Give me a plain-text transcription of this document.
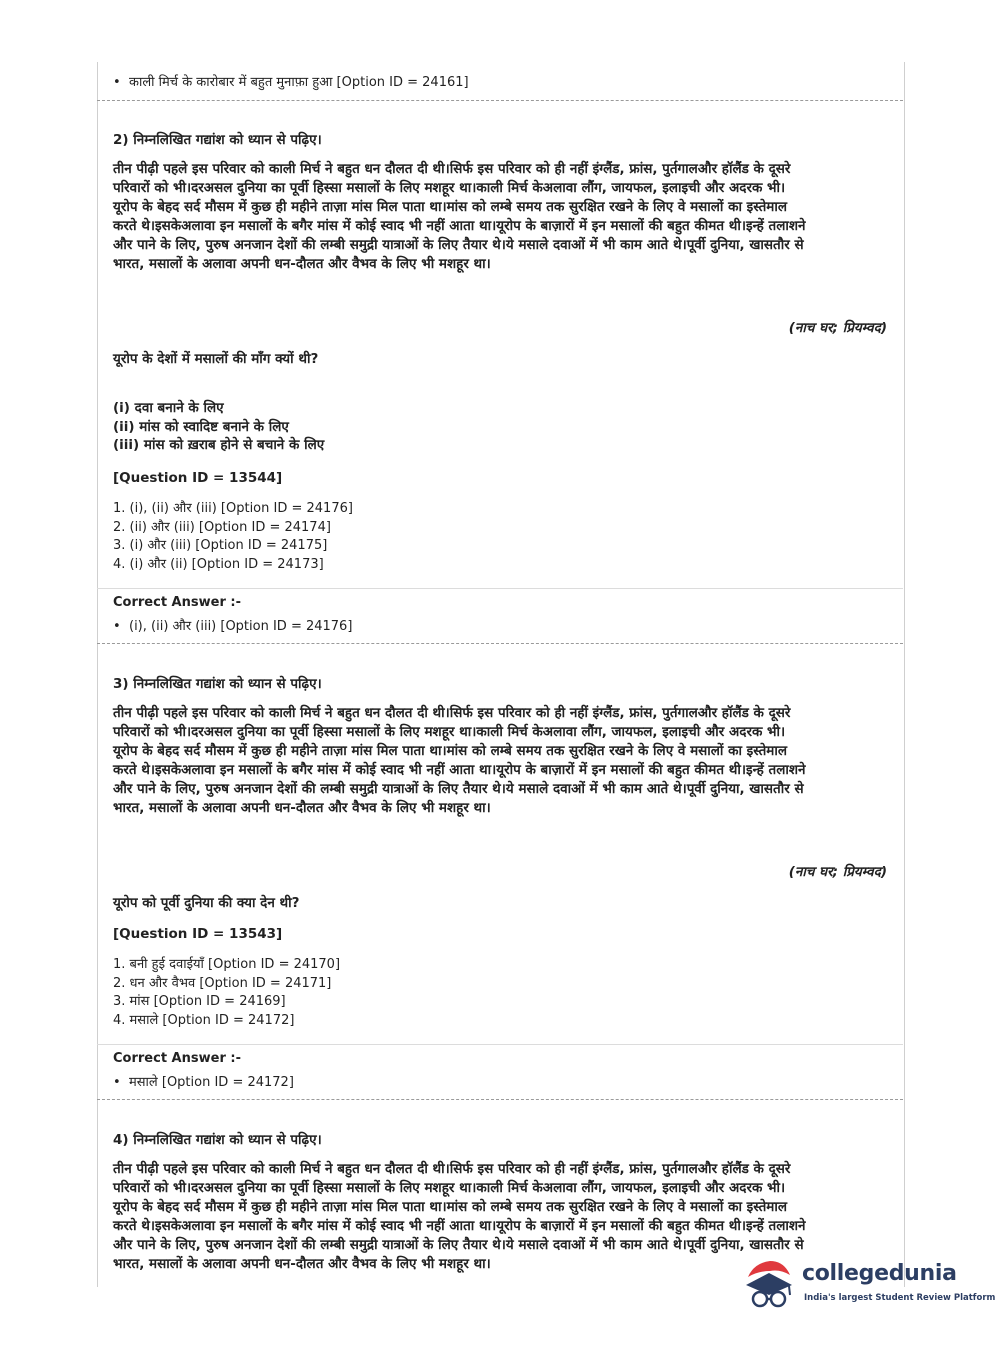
• काली मिर्च के कारोबार में बहुत मुनाफ़ा हुआ [Option ID = 24161]
2) निम्नलिखित गद्यांश को ध्यान से पढ़िए।

तीन पीढ़ी पहले इस परिवार को काली मिर्च ने बहुत धन दौलत दी थी।सिर्फ इस परिवार को ही नहीं इंग्लैंड, फ्रांस, पुर्तगालऔर हॉलैंड के दूसरे

परिवारों को भी।दरअसल दुनिया का पूर्वी हिस्सा मसालों के लिए मशहूर था।काली मिर्च केअलावा लौंग, जायफल, इलाइची और अदरक भी।

यूरोप के बेहद सर्द मौसम में कुछ ही महीने ताज़ा मांस मिल पाता था।मांस को लम्बे समय तक सुरक्षित रखने के लिए वे मसालों का इस्तेमाल

करते थे।इसकेअलावा इन मसालों के बगैर मांस में कोई स्वाद भी नहीं आता था।यूरोप के बाज़ारों में इन मसालों की बहुत कीमत थी।इन्हें तलाशने

और पाने के लिए, पुरुष अनजान देशों की लम्बी समुद्री यात्राओं के लिए तैयार थे।ये मसाले दवाओं में भी काम आते थे।पूर्वी दुनिया, खासतौर से

भारत, मसालों के अलावा अपनी धन-दौलत और वैभव के लिए भी मशहूर था।

(नाच घर; प्रियम्वद)
यूरोप के देशों में मसालों की माँग क्यों थी?
(i) दवा बनाने के लिए
(ii) मांस को स्वादिष्ट बनाने के लिए
(iii) मांस को ख़राब होने से बचाने के लिए
[Question ID = 13544]
1. (i), (ii) और (iii) [Option ID = 24176]
2. (ii) और (iii) [Option ID = 24174]
3. (i) और (iii) [Option ID = 24175]
4. (i) और (ii) [Option ID = 24173]
Correct Answer :-
• (i), (ii) और (iii) [Option ID = 24176]
3) निम्नलिखित गद्यांश को ध्यान से पढ़िए।

तीन पीढ़ी पहले इस परिवार को काली मिर्च ने बहुत धन दौलत दी थी।सिर्फ इस परिवार को ही नहीं इंग्लैंड, फ्रांस, पुर्तगालऔर हॉलैंड के दूसरे

परिवारों को भी।दरअसल दुनिया का पूर्वी हिस्सा मसालों के लिए मशहूर था।काली मिर्च केअलावा लौंग, जायफल, इलाइची और अदरक भी।

यूरोप के बेहद सर्द मौसम में कुछ ही महीने ताज़ा मांस मिल पाता था।मांस को लम्बे समय तक सुरक्षित रखने के लिए वे मसालों का इस्तेमाल

करते थे।इसकेअलावा इन मसालों के बगैर मांस में कोई स्वाद भी नहीं आता था।यूरोप के बाज़ारों में इन मसालों की बहुत कीमत थी।इन्हें तलाशने

और पाने के लिए, पुरुष अनजान देशों की लम्बी समुद्री यात्राओं के लिए तैयार थे।ये मसाले दवाओं में भी काम आते थे।पूर्वी दुनिया, खासतौर से

भारत, मसालों के अलावा अपनी धन-दौलत और वैभव के लिए भी मशहूर था।

(नाच घर; प्रियम्वद)
यूरोप को पूर्वी दुनिया की क्या देन थी?
[Question ID = 13543]
1. बनी हुई दवाईयाँ [Option ID = 24170]
2. धन और वैभव [Option ID = 24171]
3. मांस [Option ID = 24169]
4. मसाले [Option ID = 24172]
Correct Answer :-
• मसाले [Option ID = 24172]
4) निम्नलिखित गद्यांश को ध्यान से पढ़िए।

तीन पीढ़ी पहले इस परिवार को काली मिर्च ने बहुत धन दौलत दी थी।सिर्फ इस परिवार को ही नहीं इंग्लैंड, फ्रांस, पुर्तगालऔर हॉलैंड के दूसरे

परिवारों को भी।दरअसल दुनिया का पूर्वी हिस्सा मसालों के लिए मशहूर था।काली मिर्च केअलावा लौंग, जायफल, इलाइची और अदरक भी।

यूरोप के बेहद सर्द मौसम में कुछ ही महीने ताज़ा मांस मिल पाता था।मांस को लम्बे समय तक सुरक्षित रखने के लिए वे मसालों का इस्तेमाल

करते थे।इसकेअलावा इन मसालों के बगैर मांस में कोई स्वाद भी नहीं आता था।यूरोप के बाज़ारों में इन मसालों की बहुत कीमत थी।इन्हें तलाशने

और पाने के लिए, पुरुष अनजान देशों की लम्बी समुद्री यात्राओं के लिए तैयार थे।ये मसाले दवाओं में भी काम आते थे।पूर्वी दुनिया, खासतौर से

भारत, मसालों के अलावा अपनी धन-दौलत और वैभव के लिए भी मशहूर था।	collegedunia
India's largest Student Review Platform
